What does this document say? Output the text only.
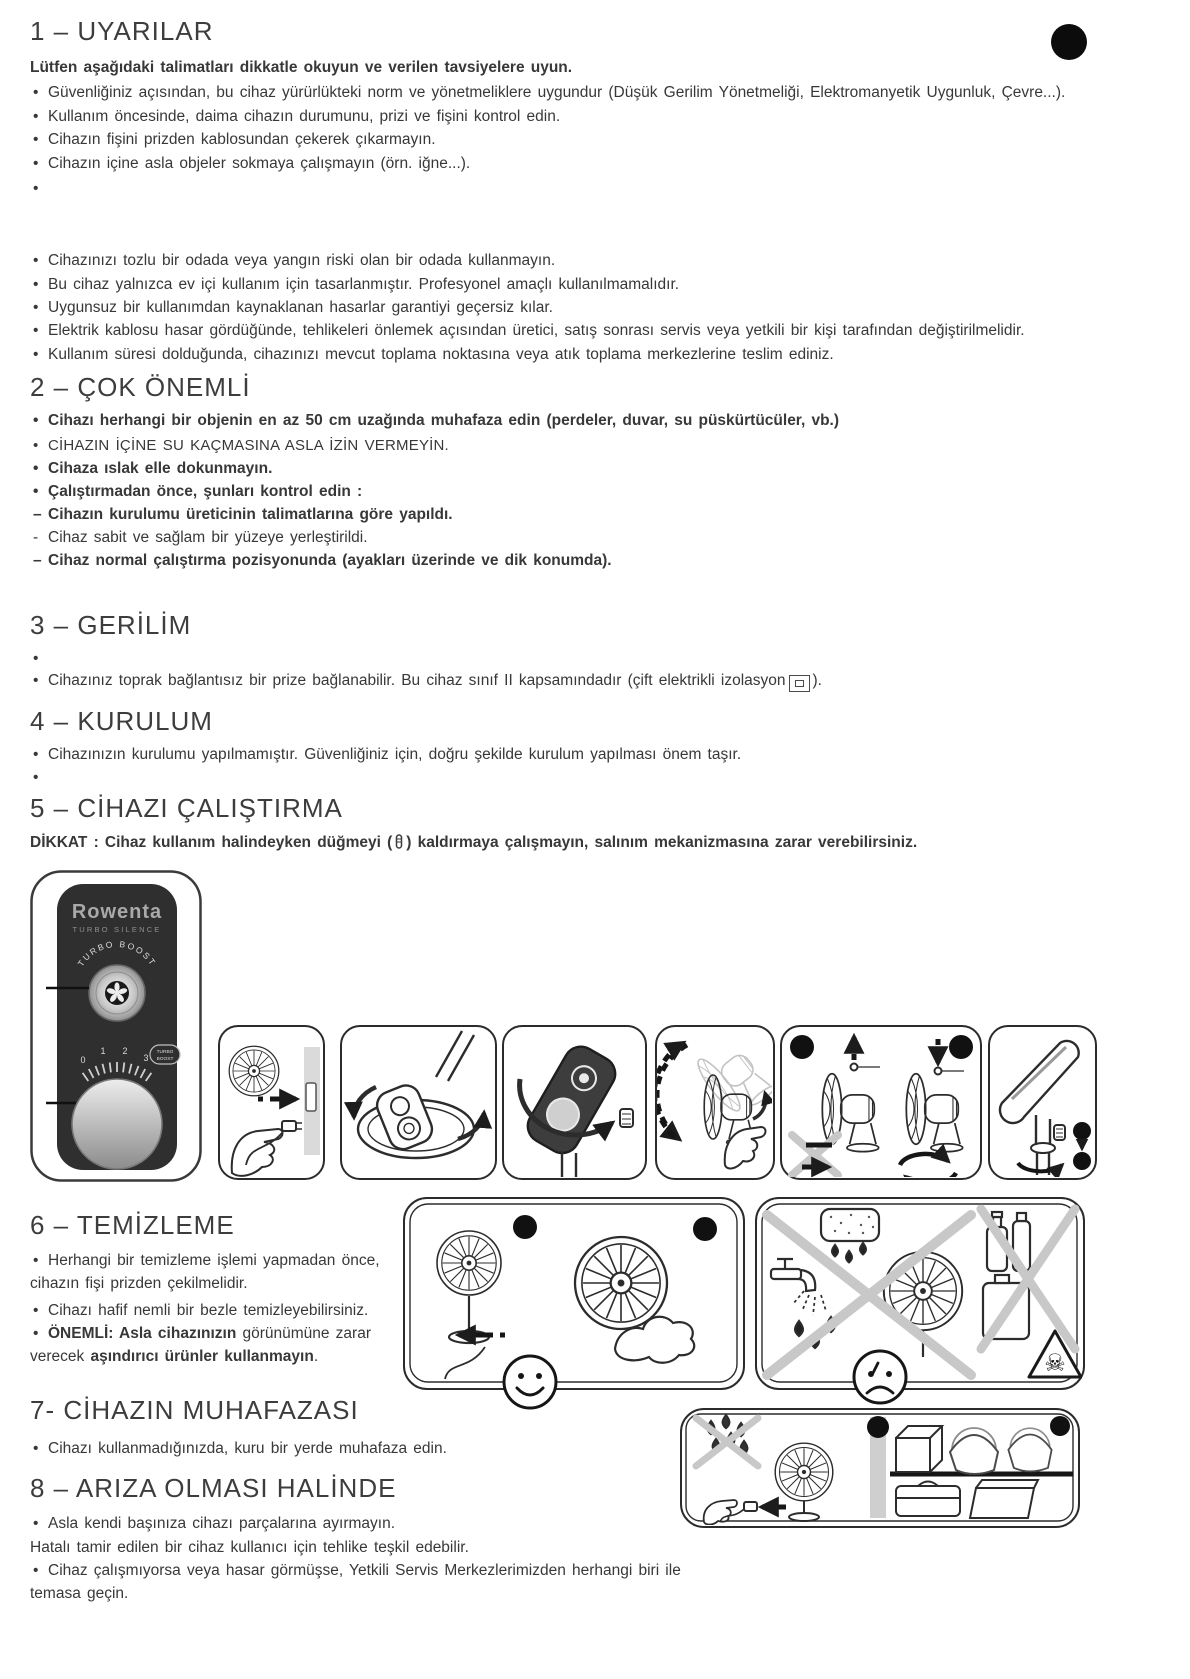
1 – UYARILAR
Lütfen aşağıdaki talimatları dikkatle okuyun ve verilen tavsiyelere uyun.
• Güvenliğiniz açısından, bu cihaz yürürlükteki norm ve yönetmeliklere uygundur (Düşük Gerilim Yönetmeliği, Elektromanyetik Uygunluk, Çevre...).
• Kullanım öncesinde, daima cihazın durumunu, prizi ve fişini kontrol edin.
• Cihazın fişini prizden kablosundan çekerek çıkarmayın.
• Cihazın içine asla objeler sokmaya çalışmayın (örn. iğne...).
• Cihazınızı tozlu bir odada veya yangın riski olan bir odada kullanmayın.
• Bu cihaz yalnızca ev içi kullanım için tasarlanmıştır. Profesyonel amaçlı kullanılmamalıdır.
• Uygunsuz bir kullanımdan kaynaklanan hasarlar garantiyi geçersiz kılar.
• Elektrik kablosu hasar gördüğünde, tehlikeleri önlemek açısından üretici, satış sonrası servis veya yetkili bir kişi tarafından değiştirilmelidir.
• Kullanım süresi dolduğunda, cihazınızı mevcut toplama noktasına veya atık toplama merkezlerine teslim ediniz.
2 – ÇOK ÖNEMLİ
• Cihazı herhangi bir objenin en az 50 cm uzağında muhafaza edin (perdeler, duvar, su püskürtücüler, vb.)
• CİHAZIN İÇİNE SU KAÇMASINA ASLA İZİN VERMEYİN.
• Cihaza ıslak elle dokunmayın.
• Çalıştırmadan önce, şunları kontrol edin :
– Cihazın kurulumu üreticinin talimatlarına göre yapıldı.
- Cihaz sabit ve sağlam bir yüzeye yerleştirildi.
– Cihaz normal çalıştırma pozisyonunda (ayakları üzerinde ve dik konumda).
3 – GERİLİM
• Cihazınız toprak bağlantısız bir prize bağlanabilir. Bu cihaz sınıf II kapsamındadır (çift elektrikli izolasyon ).
4 – KURULUM
• Cihazınızın kurulumu yapılmamıştır. Güvenliğiniz için, doğru şekilde kurulum yapılması önem taşır.
5 – CİHAZI ÇALIŞTIRMA
DİKKAT : Cihaz kullanım halindeyken düğmeyi ( ) kaldırmaya çalışmayın, salınım mekanizmasına zarar verebilirsiniz.
Rowenta
TURBO SILENCE
TURBO BOOST
0
1 2
3
TURBO
BOOST
6 – TEMİZLEME
• Herhangi bir temizleme işlemi yapmadan önce, cihazın fişi prizden çekilmelidir.
• Cihazı hafif nemli bir bezle temizleyebilirsiniz.
• ÖNEMLİ: Asla cihazınızın görünümüne zarar verecek aşındırıcı ürünler kullanmayın.	☠
7- CİHAZIN MUHAFAZASI
• Cihazı kullanmadığınızda, kuru bir yerde muhafaza edin.
8 – ARIZA OLMASI HALİNDE
• Asla kendi başınıza cihazı parçalarına ayırmayın.
Hatalı tamir edilen bir cihaz kullanıcı için tehlike teşkil edebilir.
• Cihaz çalışmıyorsa veya hasar görmüşse, Yetkili Servis Merkezlerimizden herhangi biri ile temasa geçin.
